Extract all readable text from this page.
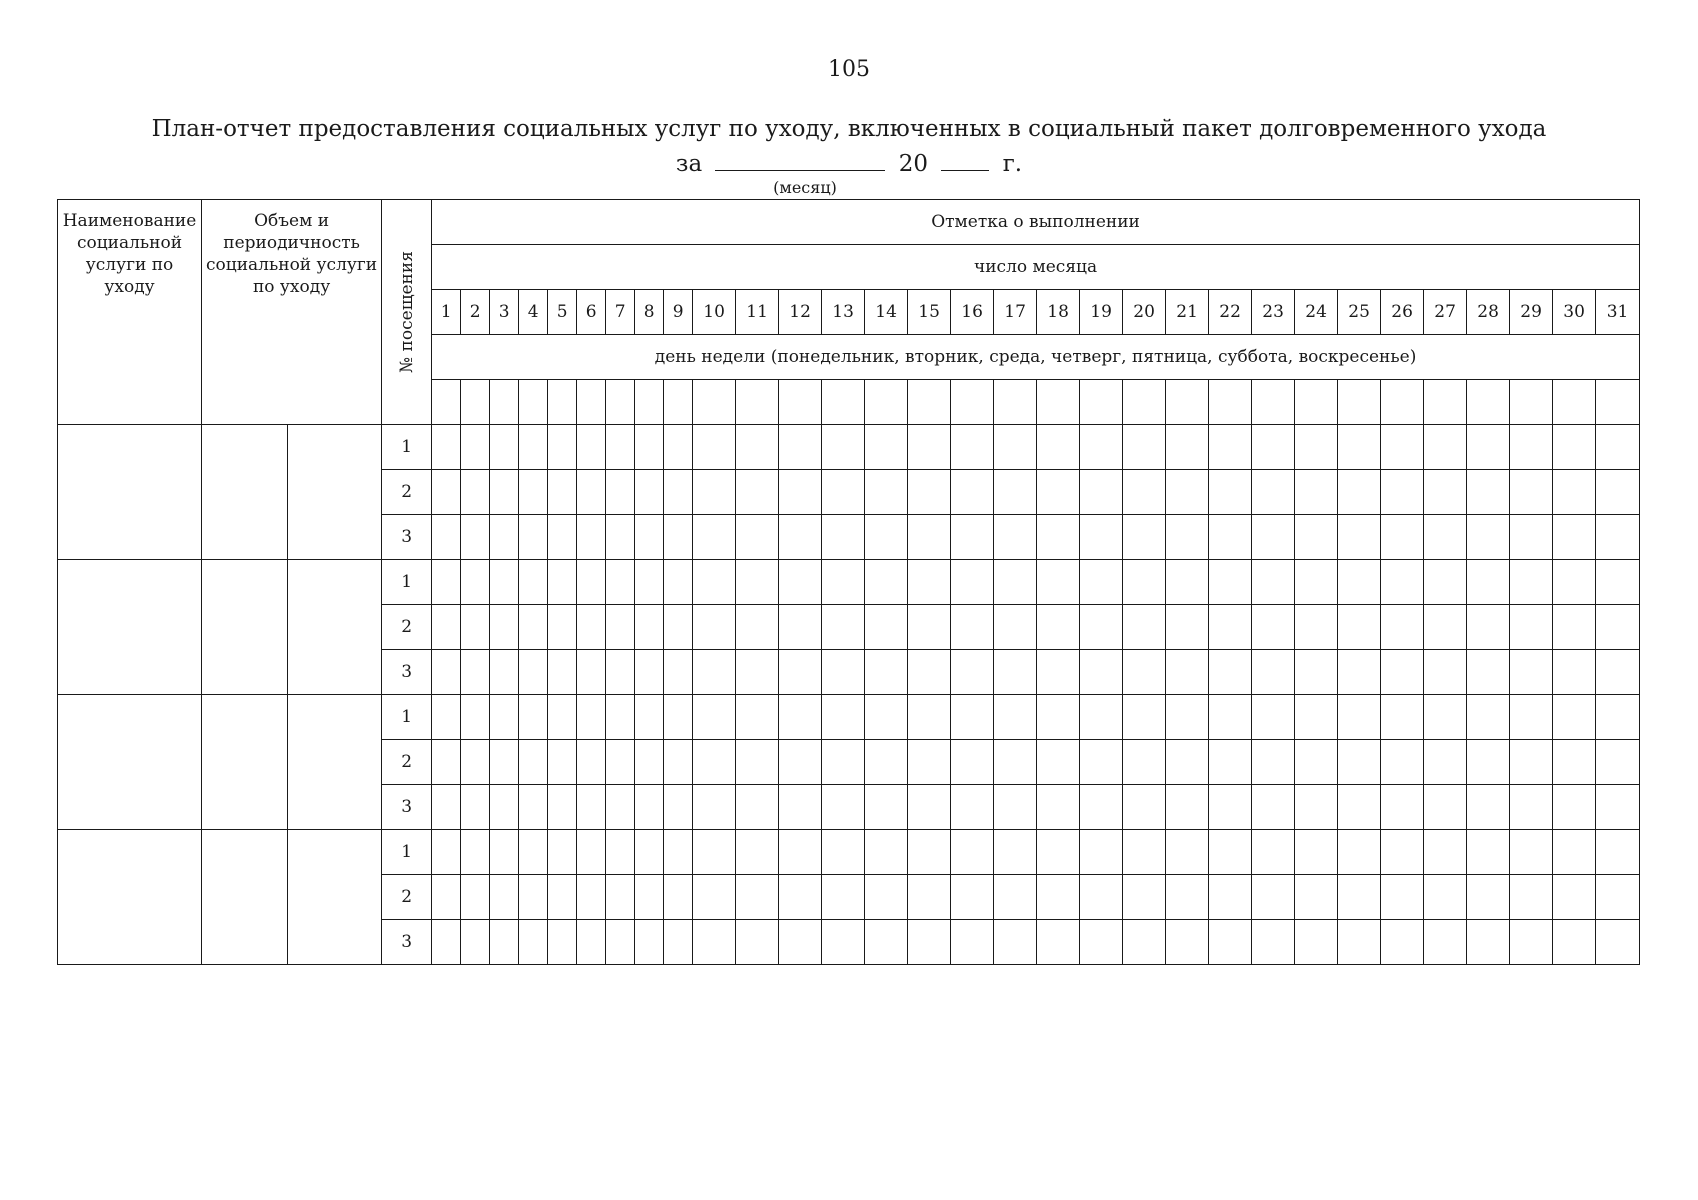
105
План-отчет предоставления социальных услуг по уходу, включенных в социальный пакет долговременного ухода
за	20	г.
(месяц)
Наименование социальной услуги по уходу	Объем и периодичность социальной услуги по уходу		№ посещения	Отметка о выполнении																														
				число месяца																														
				1	2	3	4	5	6	7	8	9	10	11	12	13	14	15	16	17	18	19	20	21	22	23	24	25	26	27	28	29	30	31
				день недели (понедельник, вторник, среда, четверг, пятница, суббота, воскресенье)																														

			1																															
			2																															
			3																															
			1																															
			2																															
			3																															
			1																															
			2																															
			3																															
			1																															
			2																															
			3																															
